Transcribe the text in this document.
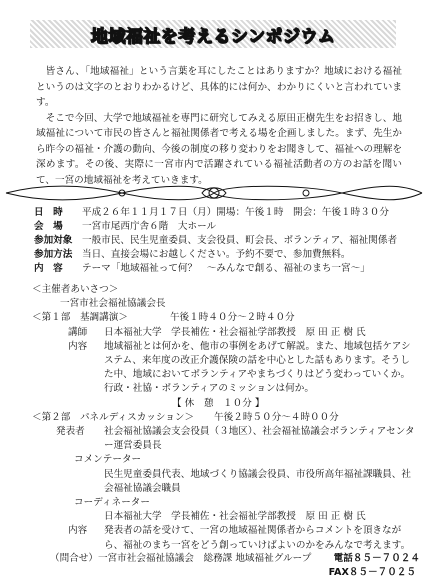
地域福祉を考えるシンポジウム

皆さん、「地域福祉」という言葉を耳にしたことはありますか？地域における福祉というのは文字のとおりわかるけど、具体的には何か、わかりにくいと言われています。

そこで今回、大学で地域福祉を専門に研究してみえる原田正樹先生をお招きし、地域福祉について市民の皆さんと福祉関係者で考える場を企画しました。まず、先生から昨今の福祉・介護の動向、今後の制度の移り変わりをお聞きして、福祉への理解を深めます。その後、実際に一宮市内で活躍されている福祉活動者の方のお話を聞いて、一宮の地域福祉を考えていきます。

日　時	平成２６年１１月１７日（月）開場：午後１時　開会：午後１時３０分
会　場	一宮市尾西庁舎６階　大ホール
参加対象	一般市民、民生児童委員、支会役員、町会長、ボランティア、福祉関係者
参加方法	当日、直接会場にお越しください。予約不要で、参加費無料。
内　容	テーマ「地域福祉って何？　～みんなで創る、福祉のまち一宮～」
＜主催者あいさつ＞
一宮市社会福祉協議会長
＜第１部　基調講演＞	午後１時４０分～２時４０分
講師	日本福祉大学　学長補佐・社会福祉学部教授　原 田 正 樹 氏
内容	地域福祉とは何かを、他市の事例をあげて解説。また、地域包括ケアシステム、来年度の改正介護保険の話を中心とした話もあります。そうした中、地域においてボランティアやまちづくりはどう変わっていくか。行政・社協・ボランティアのミッションは何か。
【 休　憩　１０分 】
＜第２部　パネルディスカッション＞ 午後２時５０分～４時００分
発表者	社会福祉協議会支会役員（３地区）、社会福祉協議会ボランティアセンター運営委員長
コメンテーター
民生児童委員代表、地域づくり協議会役員、市役所高年福祉課職員、社会福祉協議会職員
コーディネーター
日本福祉大学　学長補佐・社会福祉学部教授　原 田 正 樹 氏
内容	発表者の話を受けて、一宮の地域福祉関係者からコメントを頂きながら、福祉のまち一宮をどう創っていけばよいのかをみんなで考えます。
（問合せ）一宮市社会福祉協議会　総務課 地域福祉グループ 電話８５－７０２４
FAX８５－７０２５
